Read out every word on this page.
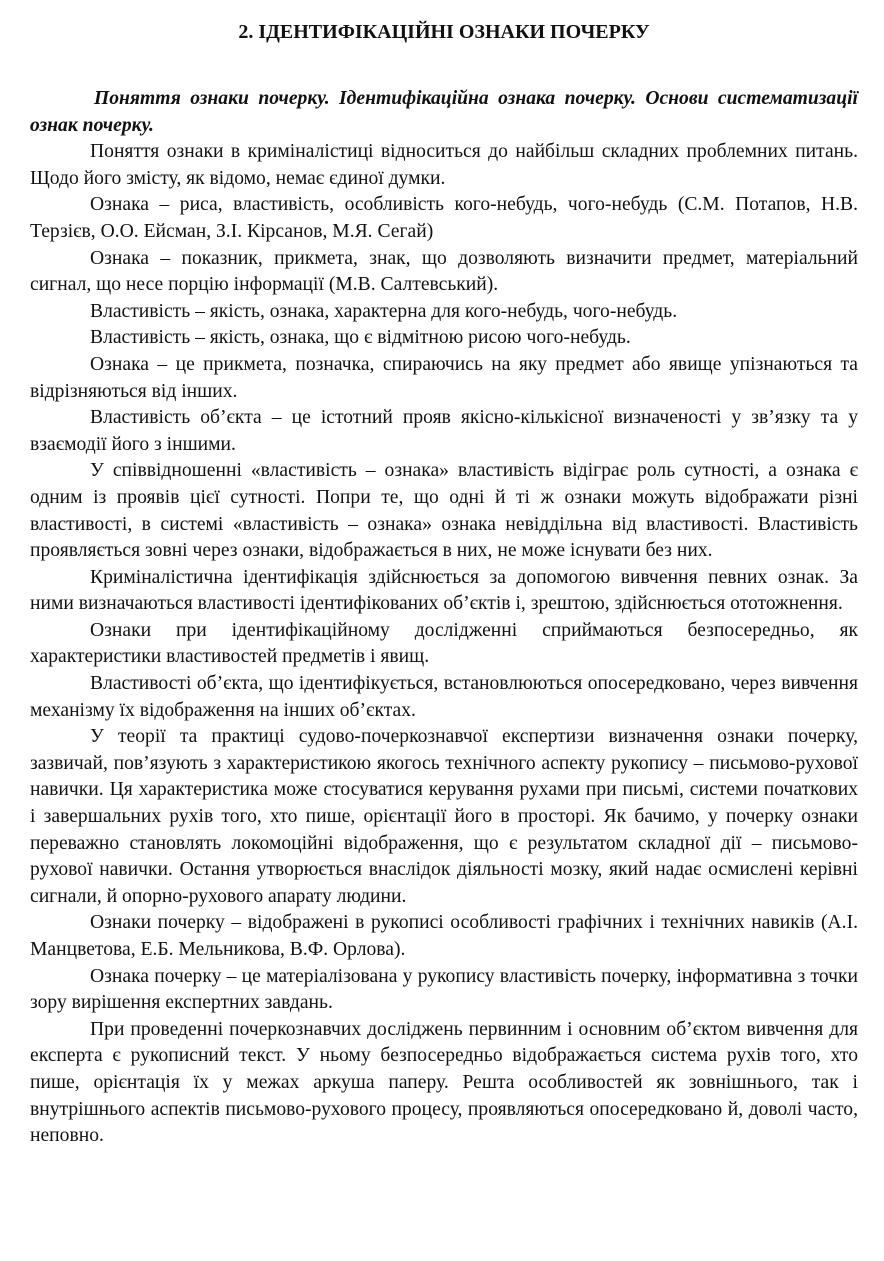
2. ІДЕНТИФІКАЦІЙНІ ОЗНАКИ ПОЧЕРКУ

Поняття ознаки почерку. Ідентифікаційна ознака почерку. Основи систематизації ознак почерку.

Поняття ознаки в криміналістиці відноситься до найбільш складних проблемних питань. Щодо його змісту, як відомо, немає єдиної думки.

Ознака – риса, властивість, особливість кого-небудь, чого-небудь (С.М. Потапов, Н.В. Терзієв, О.О. Ейсман, З.І. Кірсанов, М.Я. Сегай)

Ознака – показник, прикмета, знак, що дозволяють визначити предмет, матеріальний сигнал, що несе порцію інформації (М.В. Салтевський).

Властивість – якість, ознака, характерна для кого-небудь, чого-небудь.

Властивість – якість, ознака, що є відмітною рисою чого-небудь.

Ознака – це прикмета, позначка, спираючись на яку предмет або явище упізнаються та відрізняються від інших.

Властивість об’єкта – це істотний прояв якісно-кількісної визначеності у зв’язку та у взаємодії його з іншими.

У співвідношенні «властивість – ознака» властивість відіграє роль сутності, а ознака є одним із проявів цієї сутності. Попри те, що одні й ті ж ознаки можуть відображати різні властивості, в системі «властивість – ознака» ознака невіддільна від властивості. Властивість проявляється зовні через ознаки, відображається в них, не може існувати без них.

Криміналістична ідентифікація здійснюється за допомогою вивчення певних ознак. За ними визначаються властивості ідентифікованих об’єктів і, зрештою, здійснюється ототожнення.

Ознаки при ідентифікаційному дослідженні сприймаються безпосередньо, як характеристики властивостей предметів і явищ.

Властивості об’єкта, що ідентифікується, встановлюються опосередковано, через вивчення механізму їх відображення на інших об’єктах.

У теорії та практиці судово-почеркознавчої експертизи визначення ознаки почерку, зазвичай, пов’язують з характеристикою якогось технічного аспекту рукопису – письмово-рухової навички. Ця характеристика може стосуватися керування рухами при письмі, системи початкових і завершальних рухів того, хто пише, орієнтації його в просторі. Як бачимо, у почерку ознаки переважно становлять локомоційні відображення, що є результатом складної дії – письмово-рухової навички. Остання утворюється внаслідок діяльності мозку, який надає осмислені керівні сигнали, й опорно-рухового апарату людини.

Ознаки почерку – відображені в рукописі особливості графічних і технічних навиків (А.І. Манцветова, Е.Б. Мельникова, В.Ф. Орлова).

Ознака почерку – це матеріалізована у рукопису властивість почерку, інформативна з точки зору вирішення експертних завдань.

При проведенні почеркознавчих досліджень первинним і основним об’єктом вивчення для експерта є рукописний текст. У ньому безпосередньо відображається система рухів того, хто пише, орієнтація їх у межах аркуша паперу. Решта особливостей як зовнішнього, так і внутрішнього аспектів письмово-рухового процесу, проявляються опосередковано й, доволі часто, неповно.
